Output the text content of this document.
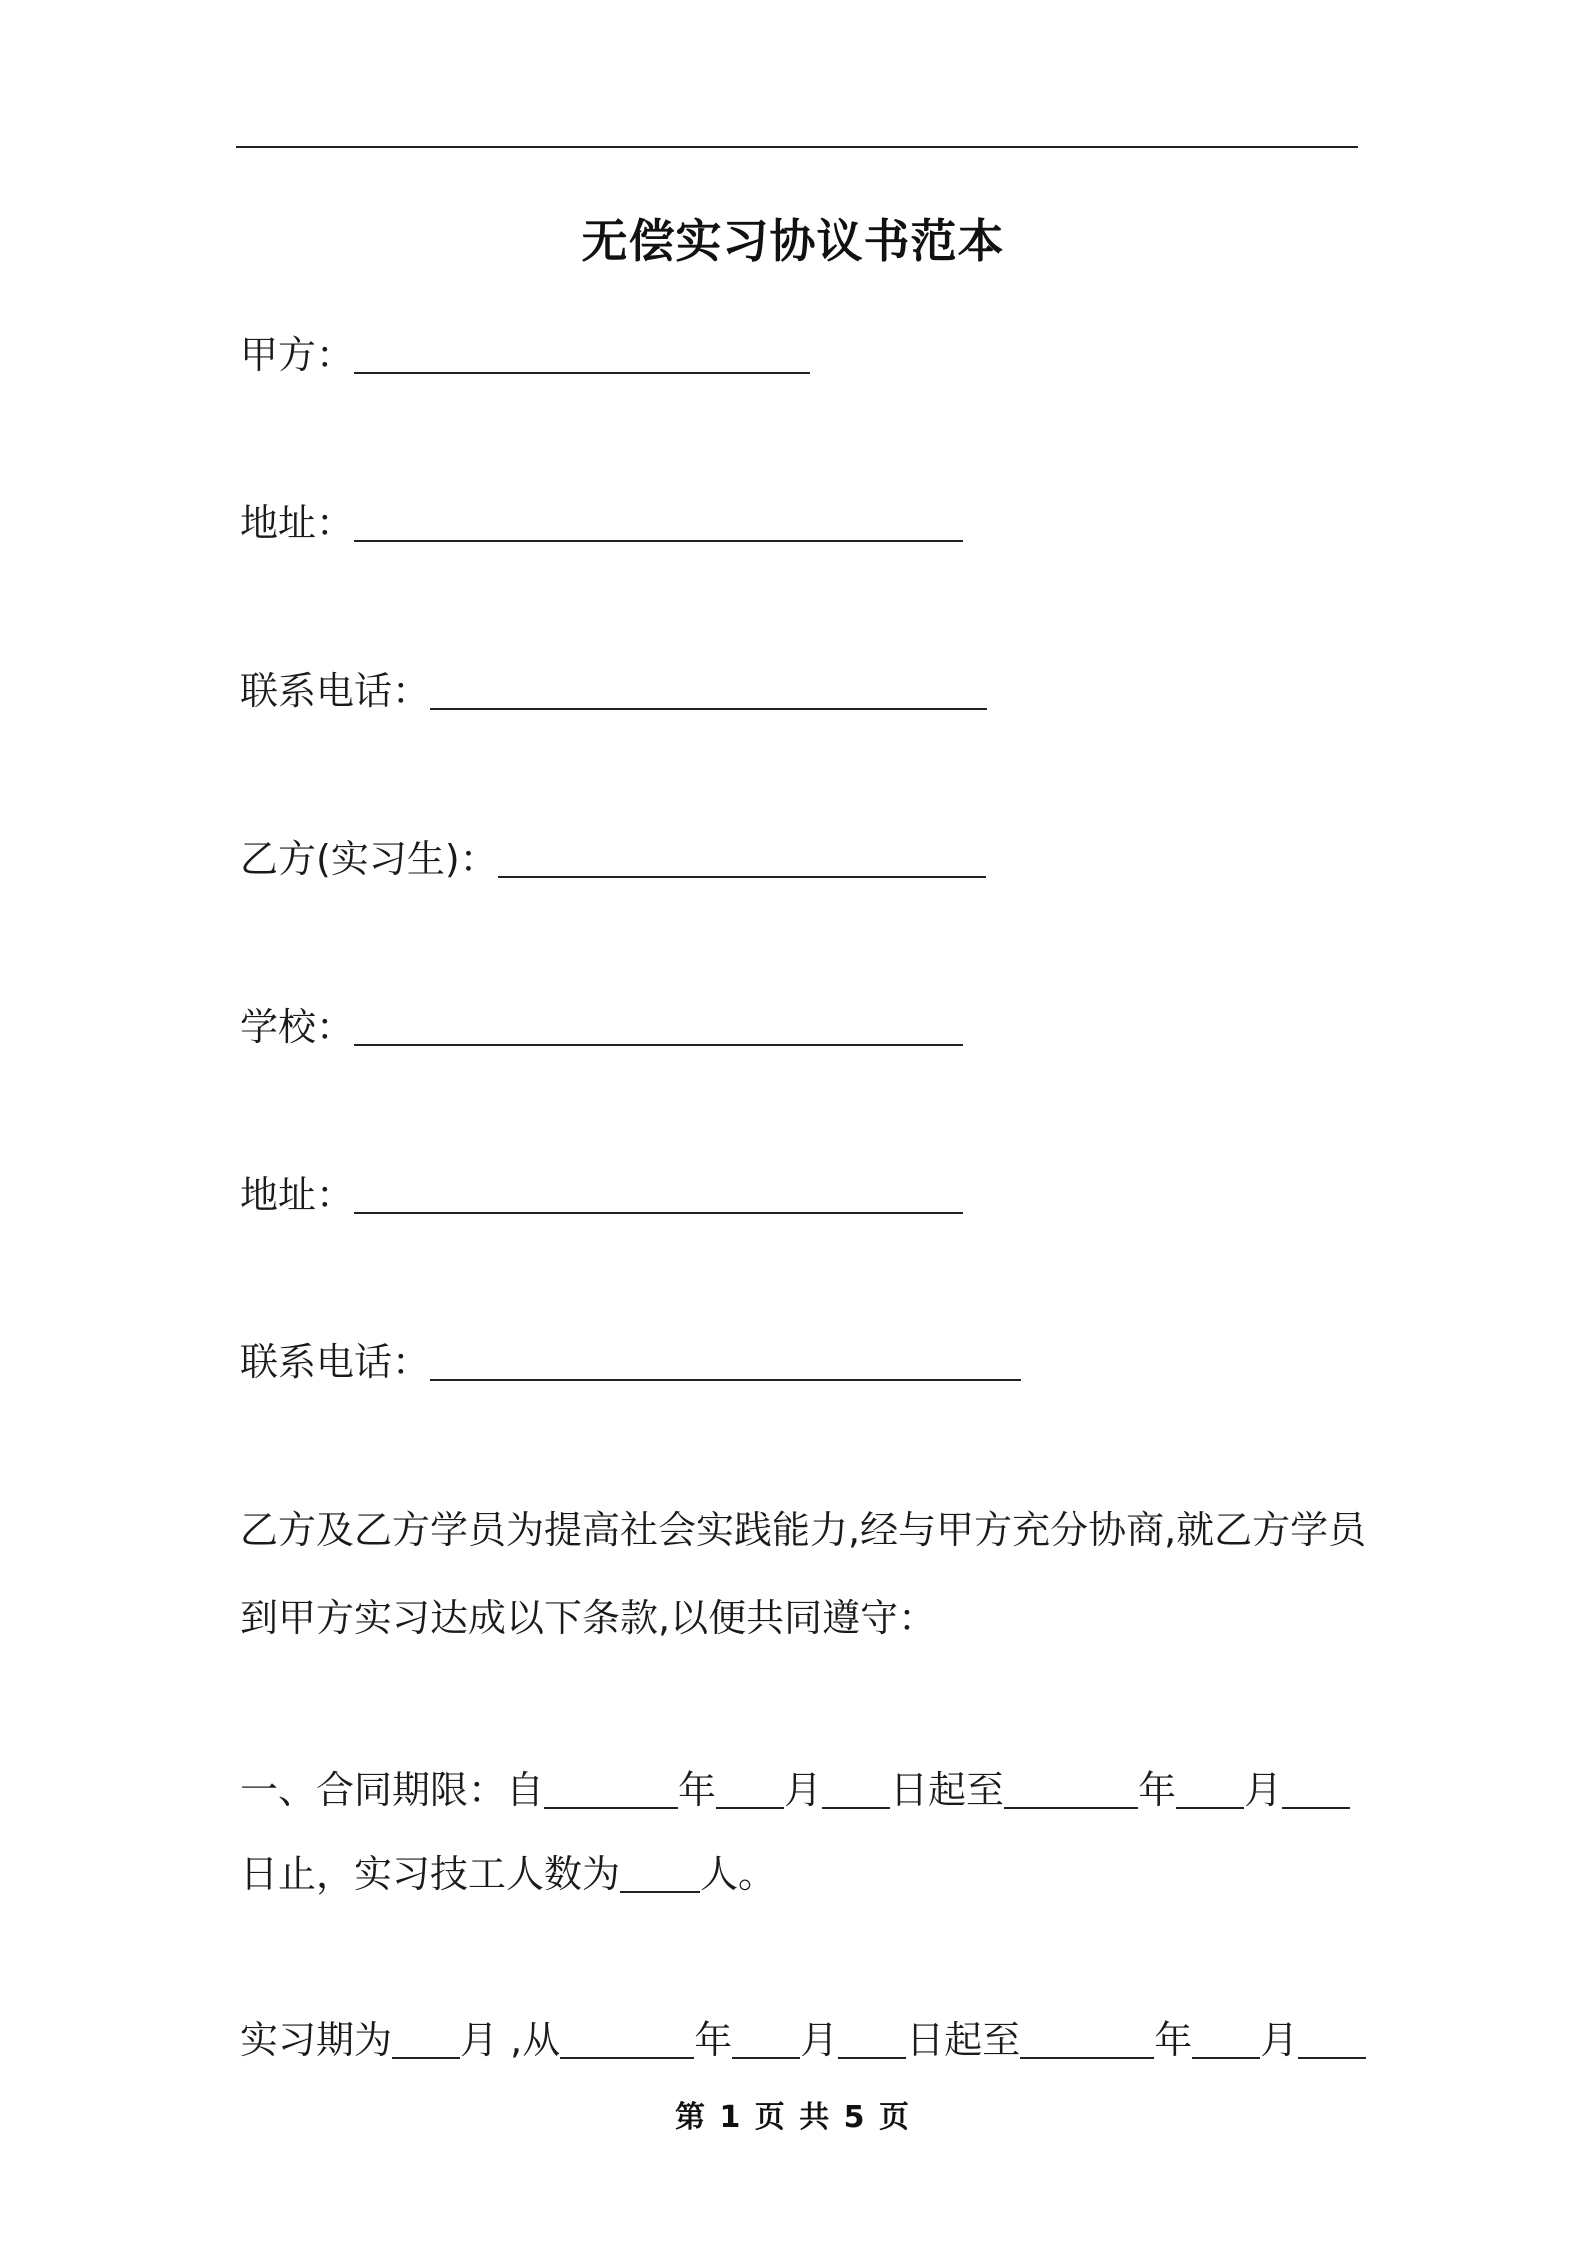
无偿实习协议书范本
甲方：
地址：
联系电话：
乙方(实习生)：
学校：
地址：
联系电话：
乙方及乙方学员为提高社会实践能力,经与甲方充分协商,就乙方学员
到甲方实习达成以下条款,以便共同遵守：
一、合同期限：自	年 月 日起至	年 月
日止，实习技工人数为 人。
实习期为 月 ,从	年 月 日起至	年 月
第 1 页 共 5 页
